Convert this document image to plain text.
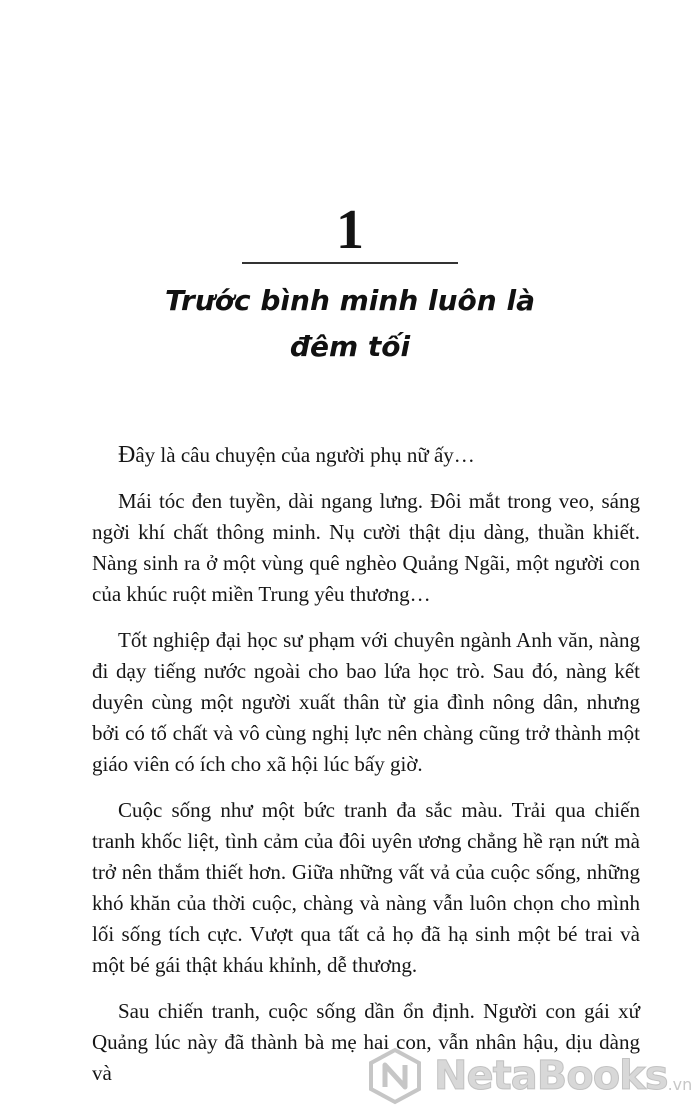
1
Trước bình minh luôn là
đêm tối

Đây là câu chuyện của người phụ nữ ấy…

Mái tóc đen tuyền, dài ngang lưng. Đôi mắt trong veo, sáng ngời khí chất thông minh. Nụ cười thật dịu dàng, thuần khiết. Nàng sinh ra ở một vùng quê nghèo Quảng Ngãi, một người con của khúc ruột miền Trung yêu thương…

Tốt nghiệp đại học sư phạm với chuyên ngành Anh văn, nàng đi dạy tiếng nước ngoài cho bao lứa học trò. Sau đó, nàng kết duyên cùng một người xuất thân từ gia đình nông dân, nhưng bởi có tố chất và vô cùng nghị lực nên chàng cũng trở thành một giáo viên có ích cho xã hội lúc bấy giờ.

Cuộc sống như một bức tranh đa sắc màu. Trải qua chiến tranh khốc liệt, tình cảm của đôi uyên ương chẳng hề rạn nứt mà trở nên thắm thiết hơn. Giữa những vất vả của cuộc sống, những khó khăn của thời cuộc, chàng và nàng vẫn luôn chọn cho mình lối sống tích cực. Vượt qua tất cả họ đã hạ sinh một bé trai và một bé gái thật kháu khỉnh, dễ thương.

Sau chiến tranh, cuộc sống dần ổn định. Người con gái xứ Quảng lúc này đã thành bà mẹ hai con, vẫn nhân hậu, dịu dàng và	NetaBooks .vn
